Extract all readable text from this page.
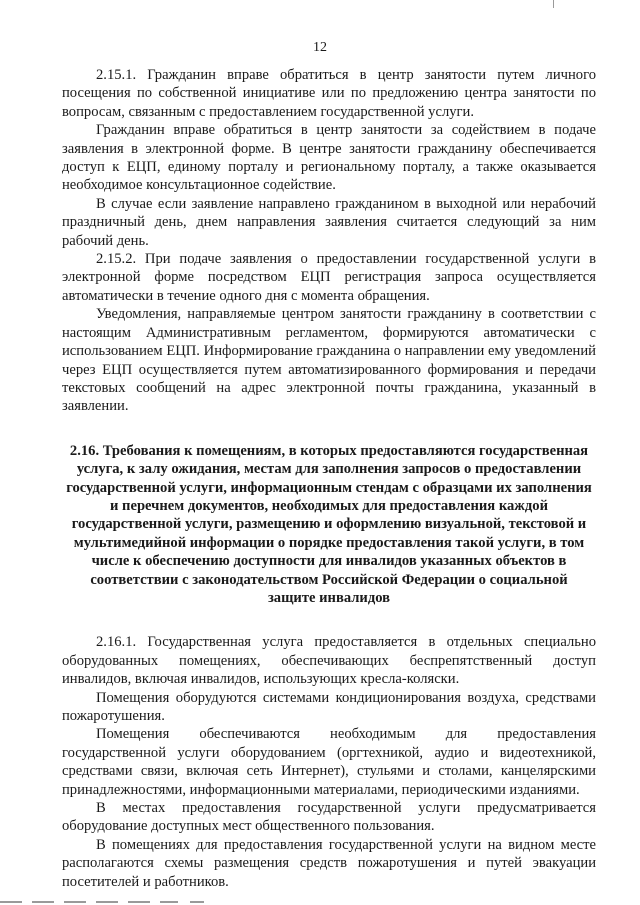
12

2.15.1. Гражданин вправе обратиться в центр занятости путем личного посещения по собственной инициативе или по предложению центра занятости по вопросам, связанным с предоставлением государственной услуги.

Гражданин вправе обратиться в центр занятости за содействием в подаче заявления в электронной форме. В центре занятости гражданину обеспечивается доступ к ЕЦП, единому порталу и региональному порталу, а также оказывается необходимое консультационное содействие.

В случае если заявление направлено гражданином в выходной или нерабочий праздничный день, днем направления заявления считается следующий за ним рабочий день.

2.15.2. При подаче заявления о предоставлении государственной услуги в электронной форме посредством ЕЦП регистрация запроса осуществляется автоматически в течение одного дня с момента обращения.

Уведомления, направляемые центром занятости гражданину в соответствии с настоящим Административным регламентом, формируются автоматически с использованием ЕЦП. Информирование гражданина о направлении ему уведомлений через ЕЦП осуществляется путем автоматизированного формирования и передачи текстовых сообщений на адрес электронной почты гражданина, указанный в заявлении.

2.16. Требования к помещениям, в которых предоставляются государственная услуга, к залу ожидания, местам для заполнения запросов о предоставлении государственной услуги, информационным стендам с образцами их заполнения и перечнем документов, необходимых для предоставления каждой государственной услуги, размещению и оформлению визуальной, текстовой и мультимедийной информации о порядке предоставления такой услуги, в том числе к обеспечению доступности для инвалидов указанных объектов в соответствии с законодательством Российской Федерации о социальной защите инвалидов

2.16.1. Государственная услуга предоставляется в отдельных специально оборудованных помещениях, обеспечивающих беспрепятственный доступ инвалидов, включая инвалидов, использующих кресла-коляски.

Помещения оборудуются системами кондиционирования воздуха, средствами пожаротушения.

Помещения обеспечиваются необходимым для предоставления государственной услуги оборудованием (оргтехникой, аудио и видеотехникой, средствами связи, включая сеть Интернет), стульями и столами, канцелярскими принадлежностями, информационными материалами, периодическими изданиями.

В местах предоставления государственной услуги предусматривается оборудование доступных мест общественного пользования.

В помещениях для предоставления государственной услуги на видном месте располагаются схемы размещения средств пожаротушения и путей эвакуации посетителей и работников.
